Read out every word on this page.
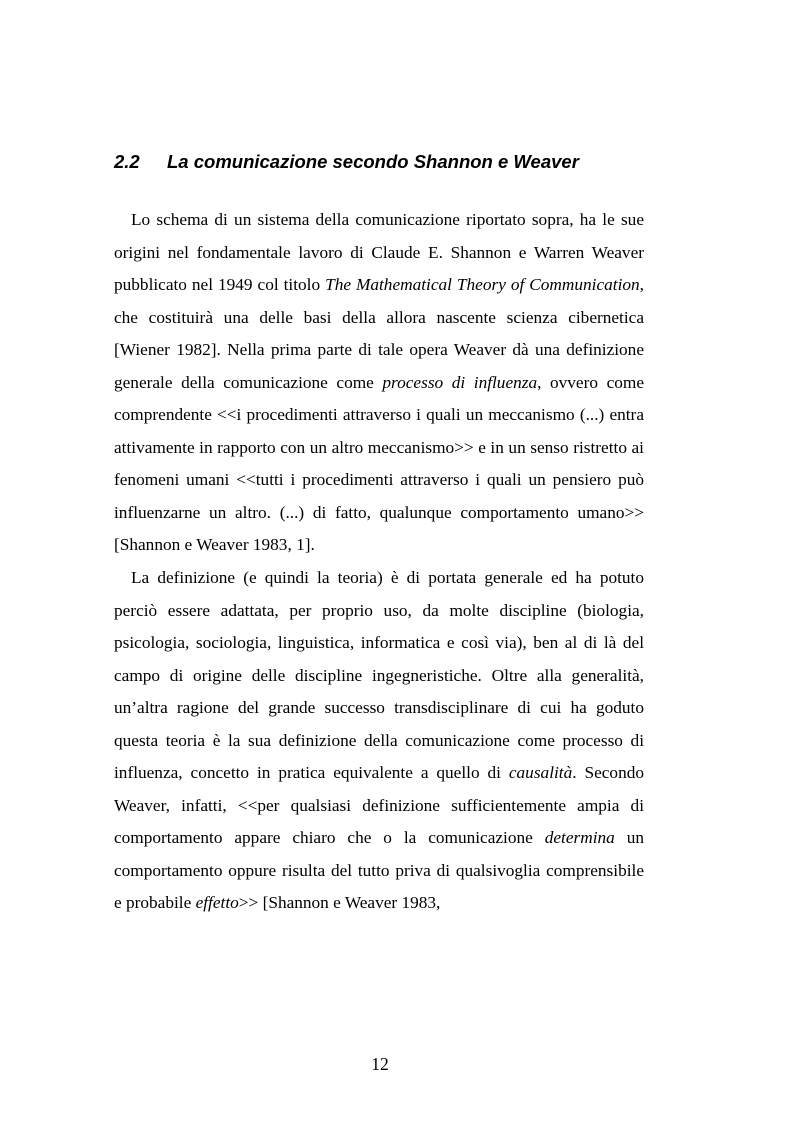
2.2 La comunicazione secondo Shannon e Weaver

Lo schema di un sistema della comunicazione riportato sopra, ha le sue origini nel fondamentale lavoro di Claude E. Shannon e Warren Weaver pubblicato nel 1949 col titolo The Mathematical Theory of Communication, che costituirà una delle basi della allora nascente scienza cibernetica [Wiener 1982]. Nella prima parte di tale opera Weaver dà una definizione generale della comunicazione come processo di influenza, ovvero come comprendente <<i procedimenti attraverso i quali un meccanismo (...) entra attivamente in rapporto con un altro meccanismo>> e in un senso ristretto ai fenomeni umani <<tutti i procedimenti attraverso i quali un pensiero può influenzarne un altro. (...) di fatto, qualunque comportamento umano>> [Shannon e Weaver 1983, 1].

La definizione (e quindi la teoria) è di portata generale ed ha potuto perciò essere adattata, per proprio uso, da molte discipline (biologia, psicologia, sociologia, linguistica, informatica e così via), ben al di là del campo di origine delle discipline ingegneristiche. Oltre alla generalità, un’altra ragione del grande successo transdisciplinare di cui ha goduto questa teoria è la sua definizione della comunicazione come processo di influenza, concetto in pratica equivalente a quello di causalità. Secondo Weaver, infatti, <<per qualsiasi definizione sufficientemente ampia di comportamento appare chiaro che o la comunicazione determina un comportamento oppure risulta del tutto priva di qualsivoglia comprensibile e probabile effetto>> [Shannon e Weaver 1983,

12
